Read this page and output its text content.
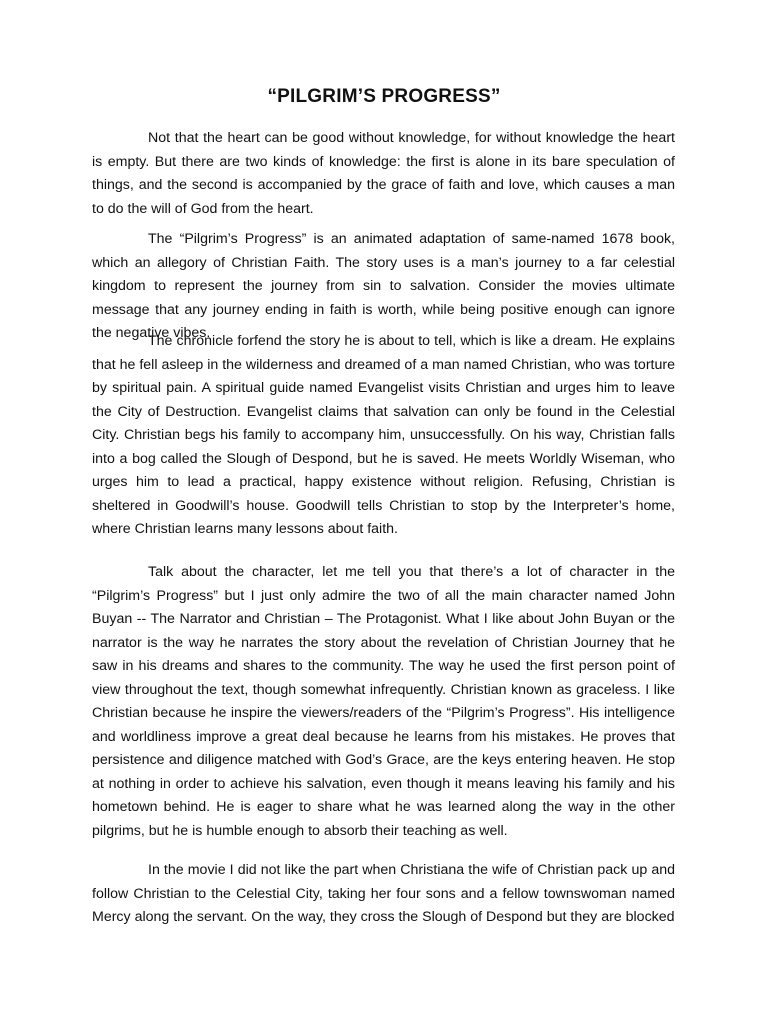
“PILGRIM’S PROGRESS”

Not that the heart can be good without knowledge, for without knowledge the heart is empty. But there are two kinds of knowledge: the first is alone in its bare speculation of things, and the second is accompanied by the grace of faith and love, which causes a man to do the will of God from the heart.

The “Pilgrim’s Progress” is an animated adaptation of same-named 1678 book, which an allegory of Christian Faith. The story uses is a man’s journey to a far celestial kingdom to represent the journey from sin to salvation. Consider the movies ultimate message that any journey ending in faith is worth, while being positive enough can ignore the negative vibes.

The chronicle forfend the story he is about to tell, which is like a dream. He explains that he fell asleep in the wilderness and dreamed of a man named Christian, who was torture by spiritual pain. A spiritual guide named Evangelist visits Christian and urges him to leave the City of Destruction. Evangelist claims that salvation can only be found in the Celestial City. Christian begs his family to accompany him, unsuccessfully. On his way, Christian falls into a bog called the Slough of Despond, but he is saved. He meets Worldly Wiseman, who urges him to lead a practical, happy existence without religion. Refusing, Christian is sheltered in Goodwill’s house. Goodwill tells Christian to stop by the Interpreter’s home, where Christian learns many lessons about faith.

Talk about the character, let me tell you that there’s a lot of character in the “Pilgrim’s Progress” but I just only admire the two of all the main character named John Buyan -- The Narrator and Christian – The Protagonist. What I like about John Buyan or the narrator is the way he narrates the story about the revelation of Christian Journey that he saw in his dreams and shares to the community. The way he used the first person point of view throughout the text, though somewhat infrequently. Christian known as graceless. I like Christian because he inspire the viewers/readers of the “Pilgrim’s Progress”. His intelligence and worldliness improve a great deal because he learns from his mistakes. He proves that persistence and diligence matched with God’s Grace, are the keys entering heaven. He stop at nothing in order to achieve his salvation, even though it means leaving his family and his hometown behind. He is eager to share what he was learned along the way in the other pilgrims, but he is humble enough to absorb their teaching as well.

In the movie I did not like the part when Christiana the wife of Christian pack up and follow Christian to the Celestial City, taking her four sons and a fellow townswoman named Mercy along the servant. On the way, they cross the Slough of Despond but they are blocked
